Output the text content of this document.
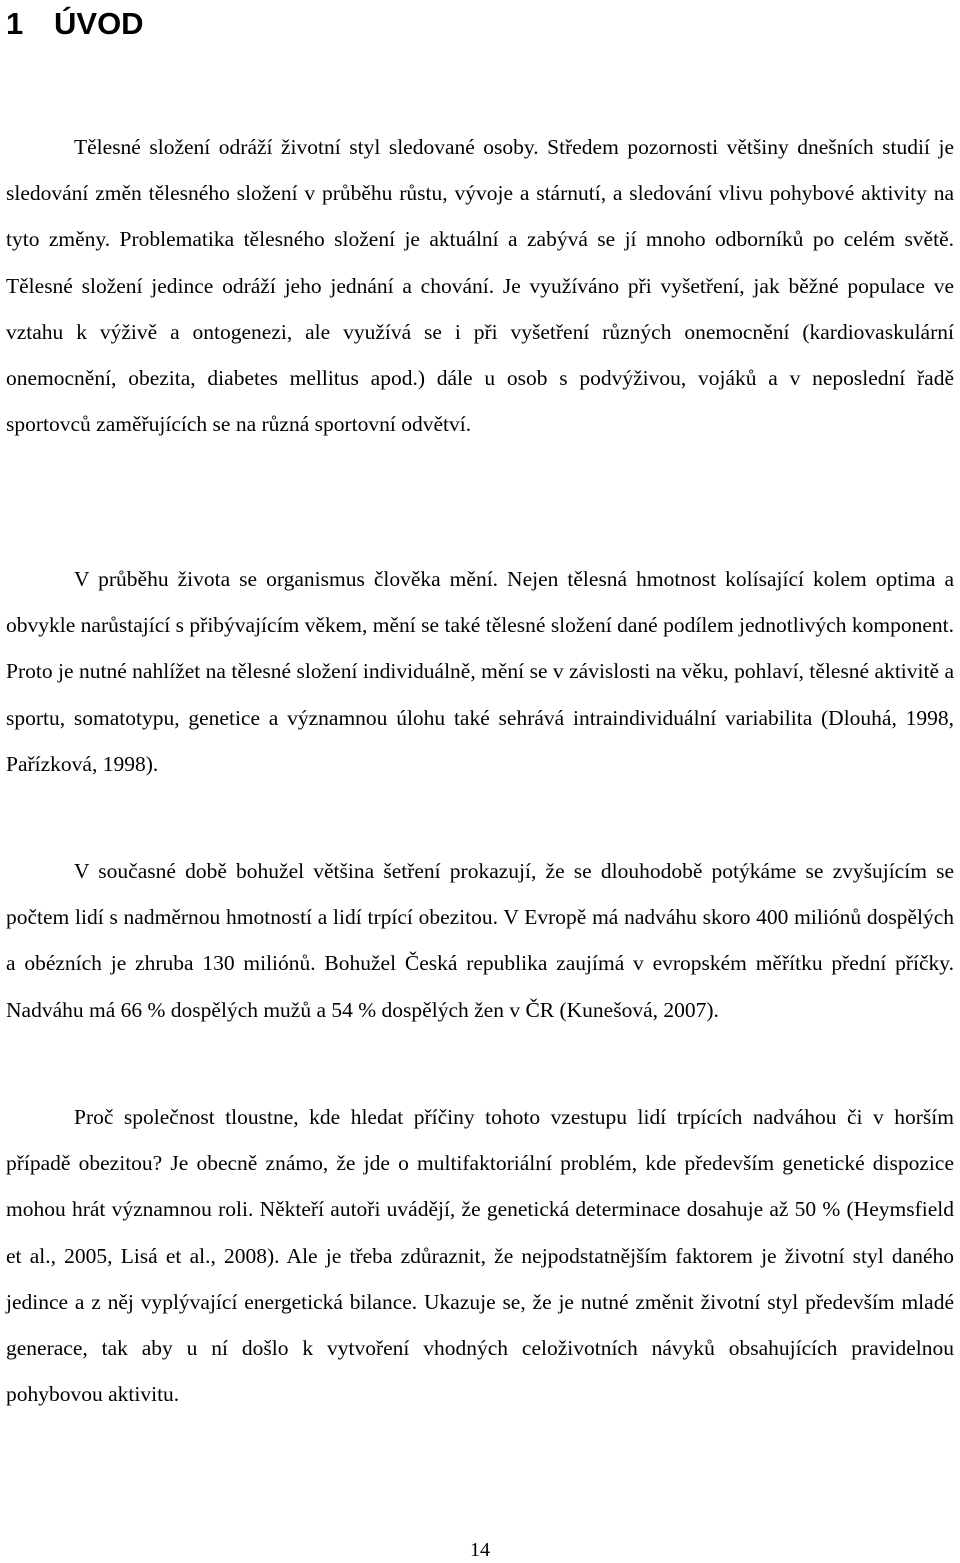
1 ÚVOD

Tělesné složení odráží životní styl sledované osoby. Středem pozornosti většiny dnešních studií je sledování změn tělesného složení v průběhu růstu, vývoje a stárnutí, a sledování vlivu pohybové aktivity na tyto změny. Problematika tělesného složení je aktuální a zabývá se jí mnoho odborníků po celém světě. Tělesné složení jedince odráží jeho jednání a chování. Je využíváno při vyšetření, jak běžné populace ve vztahu k výživě a ontogenezi, ale využívá se i při vyšetření různých onemocnění (kardiovaskulární onemocnění, obezita, diabetes mellitus apod.) dále u osob s podvýživou, vojáků a v neposlední řadě sportovců zaměřujících se na různá sportovní odvětví.

V průběhu života se organismus člověka mění. Nejen tělesná hmotnost kolísající kolem optima a obvykle narůstající s přibývajícím věkem, mění se také tělesné složení dané podílem jednotlivých komponent. Proto je nutné nahlížet na tělesné složení individuálně, mění se v závislosti na věku, pohlaví, tělesné aktivitě a sportu, somatotypu, genetice a významnou úlohu také sehrává intraindividuální variabilita (Dlouhá, 1998, Pařízková, 1998).

V současné době bohužel většina šetření prokazují, že se dlouhodobě potýkáme se zvyšujícím se počtem lidí s nadměrnou hmotností a lidí trpící obezitou. V Evropě má nadváhu skoro 400 miliónů dospělých a obézních je zhruba 130 miliónů. Bohužel Česká republika zaujímá v evropském měřítku přední příčky. Nadváhu má 66 % dospělých mužů a 54 % dospělých žen v ČR (Kunešová, 2007).

Proč společnost tloustne, kde hledat příčiny tohoto vzestupu lidí trpících nadváhou či v horším případě obezitou? Je obecně známo, že jde o multifaktoriální problém, kde především genetické dispozice mohou hrát významnou roli. Někteří autoři uvádějí, že genetická determinace dosahuje až 50 % (Heymsfield et al., 2005, Lisá et al., 2008). Ale je třeba zdůraznit, že nejpodstatnějším faktorem je životní styl daného jedince a z něj vyplývající energetická bilance. Ukazuje se, že je nutné změnit životní styl především mladé generace, tak aby u ní došlo k vytvoření vhodných celoživotních návyků obsahujících pravidelnou pohybovou aktivitu.

14
